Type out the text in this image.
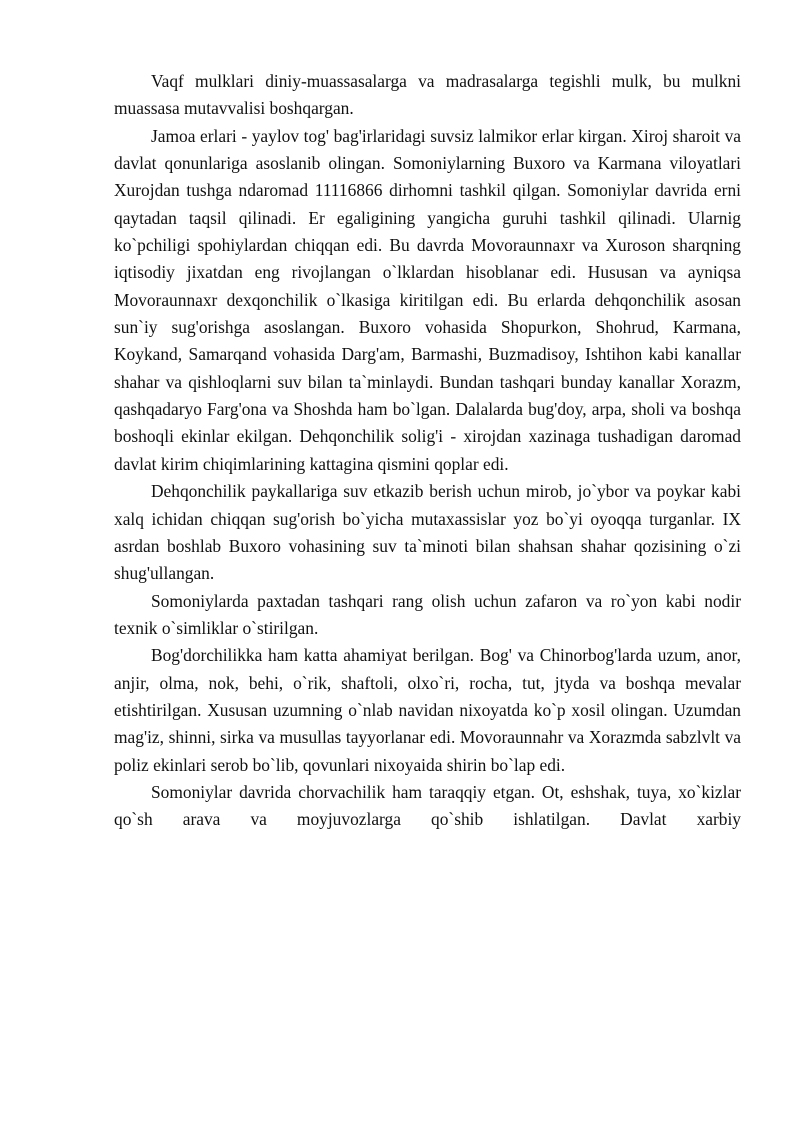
Vaqf mulklari diniy-muassasalarga va madrasalarga tegishli mulk, bu mulkni muassasa mutavvalisi boshqargan.

Jamoa erlari - yaylov tog' bag'irlaridagi suvsiz lalmikor erlar kirgan. Xiroj sharoit va davlat qonunlariga asoslanib olingan. Somoniylarning Buxoro va Karmana viloyatlari Xurojdan tushga ndaromad 11116866 dirhomni tashkil qilgan. Somoniylar davrida erni qaytadan taqsil qilinadi. Er egaligining yangicha guruhi tashkil qilinadi. Ularnig ko`pchiligi spohiylardan chiqqan edi. Bu davrda Movoraunnaxr va Xuroson sharqning iqtisodiy jixatdan eng rivojlangan o`lklardan hisoblanar edi. Hususan va ayniqsa Movoraunnaxr dexqonchilik o`lkasiga kiritilgan edi. Bu erlarda dehqonchilik asosan sun`iy sug'orishga asoslangan. Buxoro vohasida Shopurkon, Shohrud, Karmana, Koykand, Samarqand vohasida Darg'am, Barmashi, Buzmadisoy, Ishtihon kabi kanallar shahar va qishloqlarni suv bilan ta`minlaydi. Bundan tashqari bunday kanallar Xorazm, qashqadaryo Farg'ona va Shoshda ham bo`lgan. Dalalarda bug'doy, arpa, sholi va boshqa boshoqli ekinlar ekilgan. Dehqonchilik solig'i - xirojdan xazinaga tushadigan daromad davlat kirim chiqimlarining kattagina qismini qoplar edi.

Dehqonchilik paykallariga suv etkazib berish uchun mirob, jo`ybor va poykar kabi xalq ichidan chiqqan sug'orish bo`yicha mutaxassislar yoz bo`yi oyoqqa turganlar. IX asrdan boshlab Buxoro vohasining suv ta`minoti bilan shahsan shahar qozisining o`zi shug'ullangan.

Somoniylarda paxtadan tashqari rang olish uchun zafaron va ro`yon kabi nodir texnik o`simliklar o`stirilgan.

Bog'dorchilikka ham katta ahamiyat berilgan. Bog' va Chinorbog'larda uzum, anor, anjir, olma, nok, behi, o`rik, shaftoli, olxo`ri, rocha, tut, jtyda va boshqa mevalar etishtirilgan. Xususan uzumning o`nlab navidan nixoyatda ko`p xosil olingan. Uzumdan mag'iz, shinni, sirka va musullas tayyorlanar edi. Movoraunnahr va Xorazmda sabzlvlt va poliz ekinlari serob bo`lib, qovunlari nixoyaida shirin bo`lap edi.

Somoniylar davrida chorvachilik ham taraqqiy etgan. Ot, eshshak, tuya, xo`kizlar qo`sh arava va moyjuvozlarga qo`shib ishlatilgan. Davlat xarbiy
